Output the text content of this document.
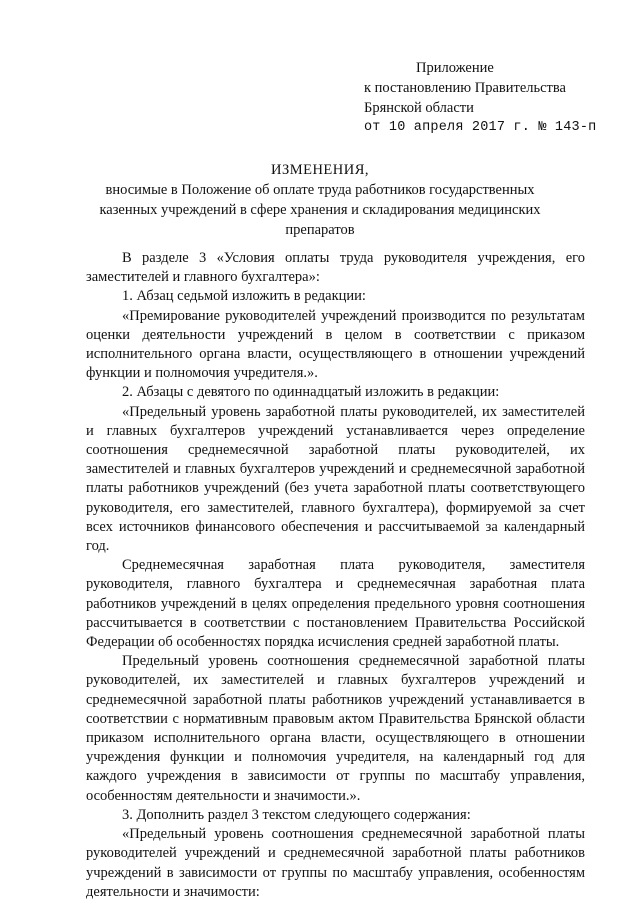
Приложение
к постановлению Правительства
Брянской области
от 10 апреля 2017 г. № 143-п
ИЗМЕНЕНИЯ,
вносимые в Положение об оплате труда работников государственных казенных учреждений в сфере хранения и складирования медицинских препаратов

В разделе 3 «Условия оплаты труда руководителя учреждения, его заместителей и главного бухгалтера»:

1. Абзац седьмой изложить в редакции:

«Премирование руководителей учреждений производится по результатам оценки деятельности учреждений в целом в соответствии с приказом исполнительного органа власти, осуществляющего в отношении учреждений функции и полномочия учредителя.».

2. Абзацы с девятого по одиннадцатый изложить в редакции:

«Предельный уровень заработной платы руководителей, их заместителей и главных бухгалтеров учреждений устанавливается через определение соотношения среднемесячной заработной платы руководителей, их заместителей и главных бухгалтеров учреждений и среднемесячной заработной платы работников учреждений (без учета заработной платы соответствующего руководителя, его заместителей, главного бухгалтера), формируемой за счет всех источников финансового обеспечения и рассчитываемой за календарный год.

Среднемесячная заработная плата руководителя, заместителя руководителя, главного бухгалтера и среднемесячная заработная плата работников учреждений в целях определения предельного уровня соотношения рассчитывается в соответствии с постановлением Правительства Российской Федерации об особенностях порядка исчисления средней заработной платы.

Предельный уровень соотношения среднемесячной заработной платы руководителей, их заместителей и главных бухгалтеров учреждений и среднемесячной заработной платы работников учреждений устанавливается в соответствии с нормативным правовым актом Правительства Брянской области приказом исполнительного органа власти, осуществляющего в отношении учреждения функции и полномочия учредителя, на календарный год для каждого учреждения в зависимости от группы по масштабу управления, особенностям деятельности и значимости.».

3. Дополнить раздел 3 текстом следующего содержания:

«Предельный уровень соотношения среднемесячной заработной платы руководителей учреждений и среднемесячной заработной платы работников учреждений в зависимости от группы по масштабу управления, особенностям деятельности и значимости:
